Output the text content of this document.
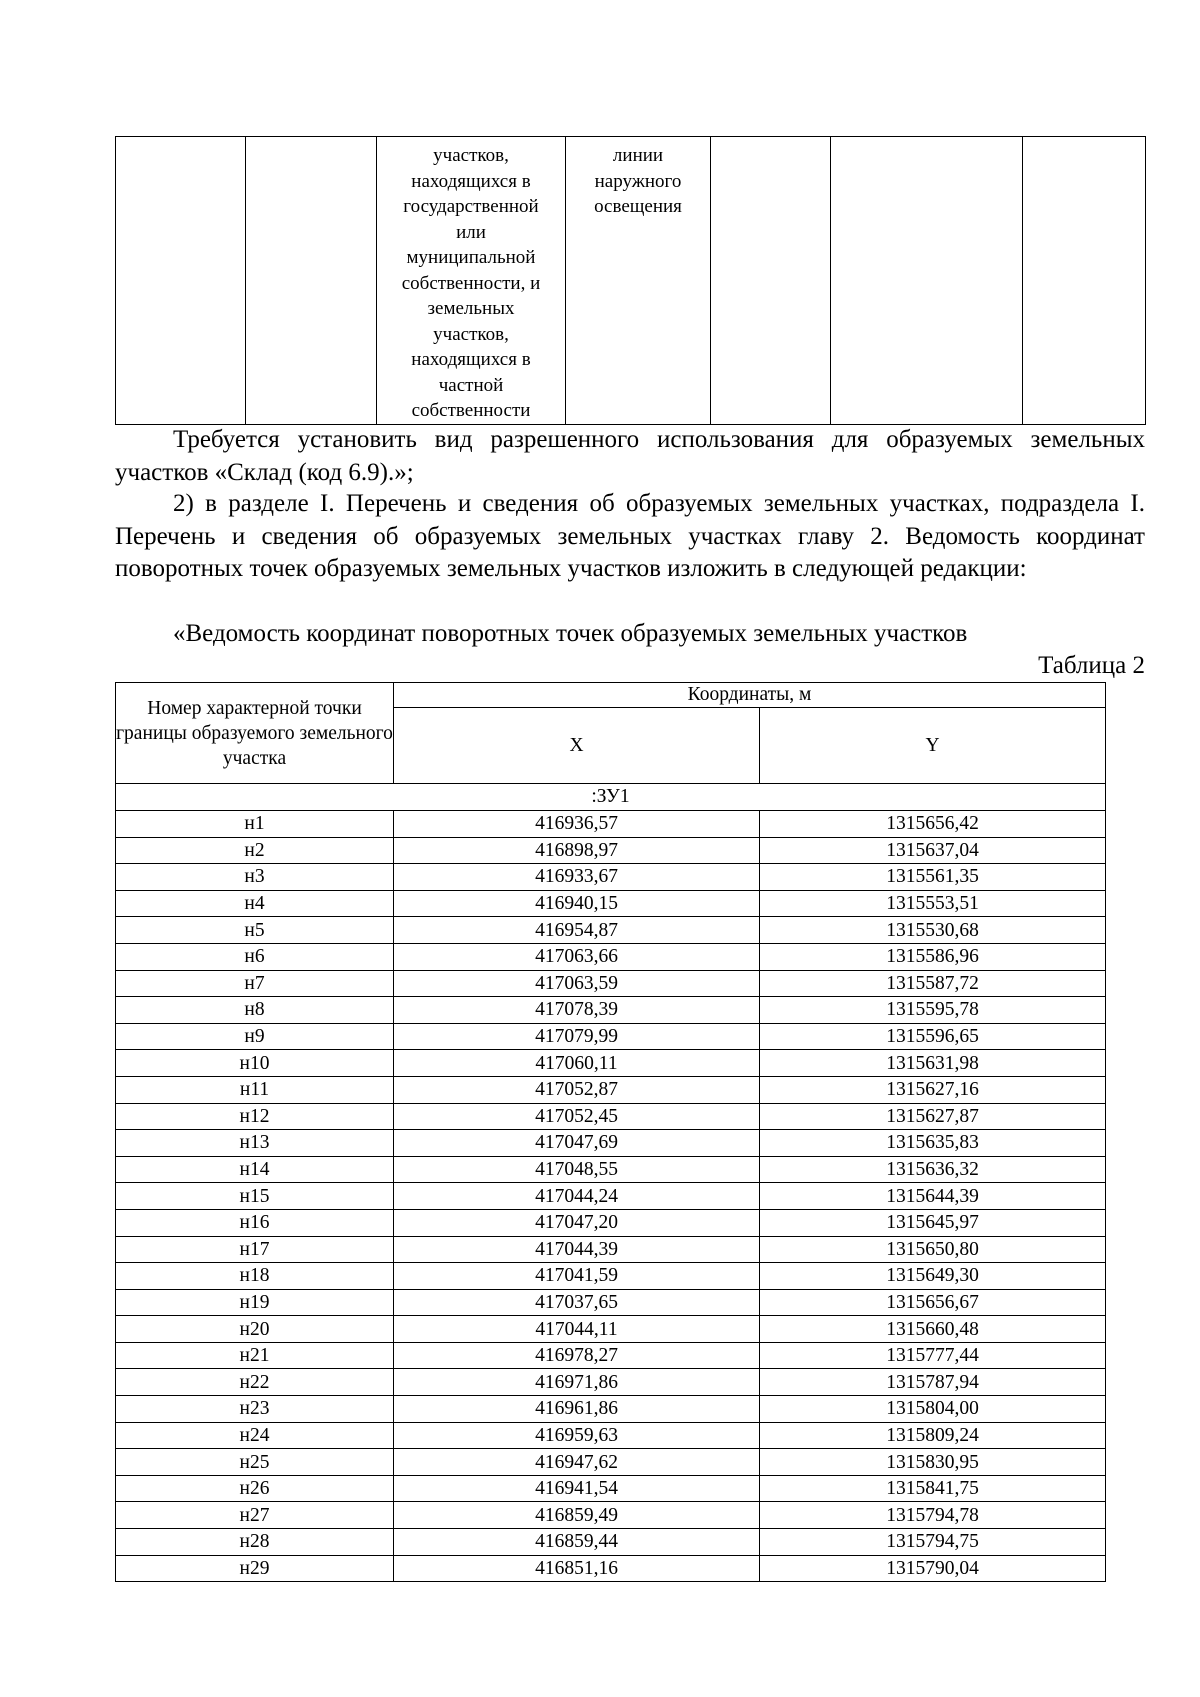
		участков,
находящихся в
государственной
или
муниципальной
собственности, и
земельных
участков,
находящихся в
частной
собственности	линии
наружного
освещения			

Требуется установить вид разрешенного использования для образуемых земельных участков «Склад (код 6.9).»;

2) в разделе I. Перечень и сведения об образуемых земельных участках, подраздела I. Перечень и сведения об образуемых земельных участках главу 2. Ведомость координат поворотных точек образуемых земельных участков изложить в следующей редакции:

«Ведомость координат поворотных точек образуемых земельных участков

Таблица 2
Номер характерной точки границы образуемого земельного участка	Координаты, м	
	X	Y
:ЗУ1		
н1	416936,57	1315656,42
н2	416898,97	1315637,04
н3	416933,67	1315561,35
н4	416940,15	1315553,51
н5	416954,87	1315530,68
н6	417063,66	1315586,96
н7	417063,59	1315587,72
н8	417078,39	1315595,78
н9	417079,99	1315596,65
н10	417060,11	1315631,98
н11	417052,87	1315627,16
н12	417052,45	1315627,87
н13	417047,69	1315635,83
н14	417048,55	1315636,32
н15	417044,24	1315644,39
н16	417047,20	1315645,97
н17	417044,39	1315650,80
н18	417041,59	1315649,30
н19	417037,65	1315656,67
н20	417044,11	1315660,48
н21	416978,27	1315777,44
н22	416971,86	1315787,94
н23	416961,86	1315804,00
н24	416959,63	1315809,24
н25	416947,62	1315830,95
н26	416941,54	1315841,75
н27	416859,49	1315794,78
н28	416859,44	1315794,75
н29	416851,16	1315790,04
